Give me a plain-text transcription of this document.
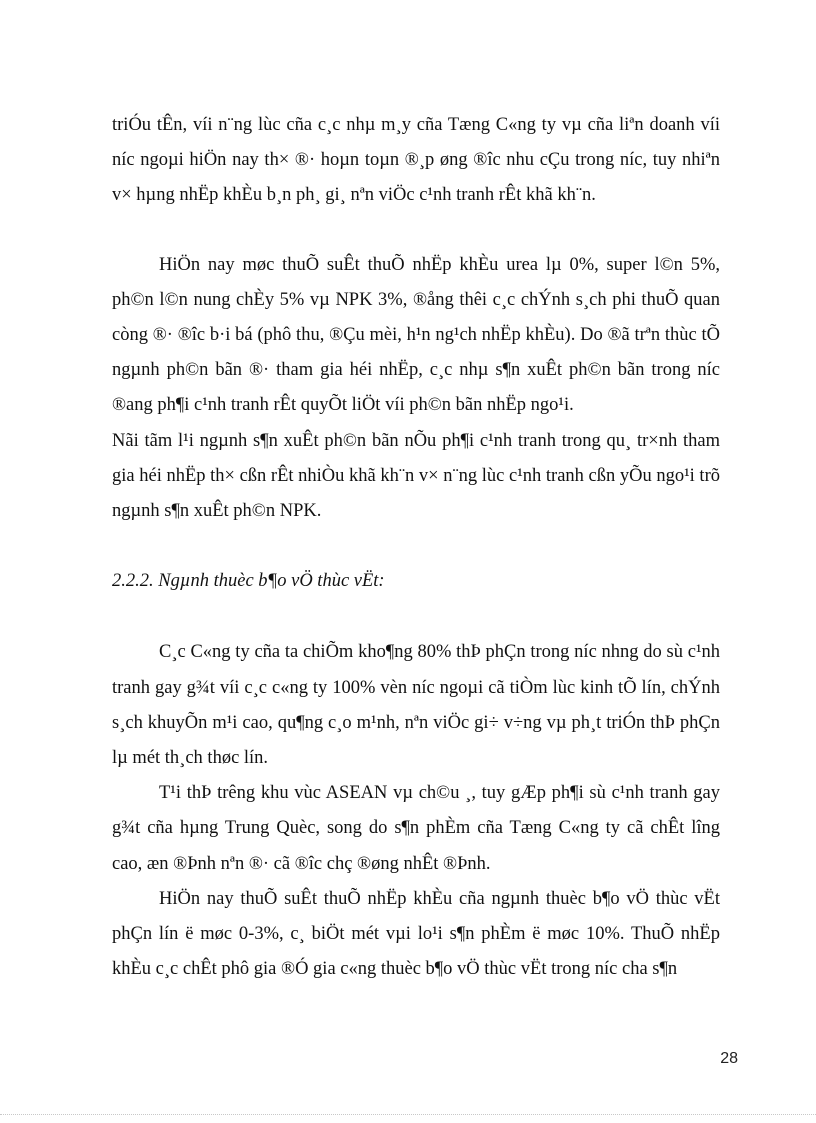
triÓu tÊn, víi n¨ng lùc cña c¸c nhµ m¸y cña Tæng C«ng ty vµ cña liªn doanh víi níc ngoµi hiÖn nay th× ®· hoµn toµn ®¸p øng ®îc nhu cÇu trong níc, tuy nhiªn v× hµng nhËp khÈu b¸n ph¸ gi¸ nªn viÖc c¹nh tranh rÊt khã kh¨n.

HiÖn nay møc thuÕ suÊt thuÕ nhËp khÈu urea lµ 0%, super l©n 5%, ph©n l©n nung chÈy 5% vµ NPK 3%, ®ång thêi c¸c chÝnh s¸ch phi thuÕ quan còng ®· ®îc b·i bá (phô thu, ®Çu mèi, h¹n ng¹ch nhËp khÈu). Do ®ã trªn thùc tÕ ngµnh ph©n bãn ®· tham gia héi nhËp, c¸c nhµ s¶n xuÊt ph©n bãn trong níc ®ang ph¶i c¹nh tranh rÊt quyÕt liÖt víi ph©n bãn nhËp ngo¹i.

Nãi tãm l¹i ngµnh s¶n xuÊt ph©n bãn nÕu ph¶i c¹nh tranh trong qu¸ tr×nh tham gia héi nhËp th× cßn rÊt nhiÒu khã kh¨n v× n¨ng lùc c¹nh tranh cßn yÕu ngo¹i trõ ngµnh s¶n xuÊt ph©n NPK.

2.2.2. Ngµnh thuèc b¶o vÖ thùc vËt:

C¸c C«ng ty cña ta chiÕm kho¶ng 80% thÞ phÇn trong níc nhng do sù c¹nh tranh gay g¾t víi c¸c c«ng ty 100% vèn níc ngoµi cã tiÒm lùc kinh tÕ lín, chÝnh s¸ch khuyÕn m¹i cao, qu¶ng c¸o m¹nh, nªn viÖc gi÷ v÷ng vµ ph¸t triÓn thÞ phÇn lµ mét th¸ch thøc lín.

T¹i thÞ trêng khu vùc ASEAN vµ ch©u ¸, tuy gÆp ph¶i sù c¹nh tranh gay g¾t cña hµng Trung Quèc, song do s¶n phÈm cña Tæng C«ng ty cã chÊt lîng cao, æn ®Þnh nªn ®· cã ®îc chç ®øng nhÊt ®Þnh.

HiÖn nay thuÕ suÊt thuÕ nhËp khÈu cña ngµnh thuèc b¶o vÖ thùc vËt phÇn lín ë møc 0-3%, c¸ biÖt mét vµi lo¹i s¶n phÈm ë møc 10%. ThuÕ nhËp khÈu c¸c chÊt phô gia ®Ó gia c«ng thuèc b¶o vÖ thùc vËt trong níc cha s¶n

28
